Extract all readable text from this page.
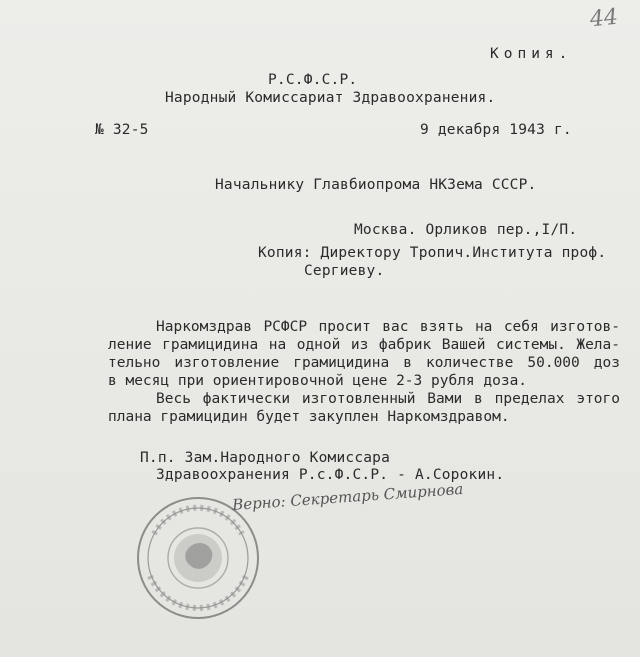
44
Копия.
Р.С.Ф.С.Р.
Народный Комиссариат Здравоохранения.
№ 32-5	9 декабря 1943 г.
Начальнику Главбиопрома НКЗема СССР.
Москва. Орликов пер.,I/П.
Копия: Директору Тропич.Института проф.
Сергиеву.
Наркомздрав РСФСР просит вас взять на себя изготов-
ление грамицидина на одной из фабрик Вашей системы. Жела-
тельно изготовление грамицидина в количестве 50.000 доз
в месяц при ориентировочной цене 2-3 рубля доза.
Весь фактически изготовленный Вами в пределах этого
плана грамицидин будет закуплен Наркомздравом.
П.п. Зам.Народного Комиссара
Здравоохранения Р.с.Ф.С.Р. - А.Сорокин.
Верно: Секретарь Смирнова
